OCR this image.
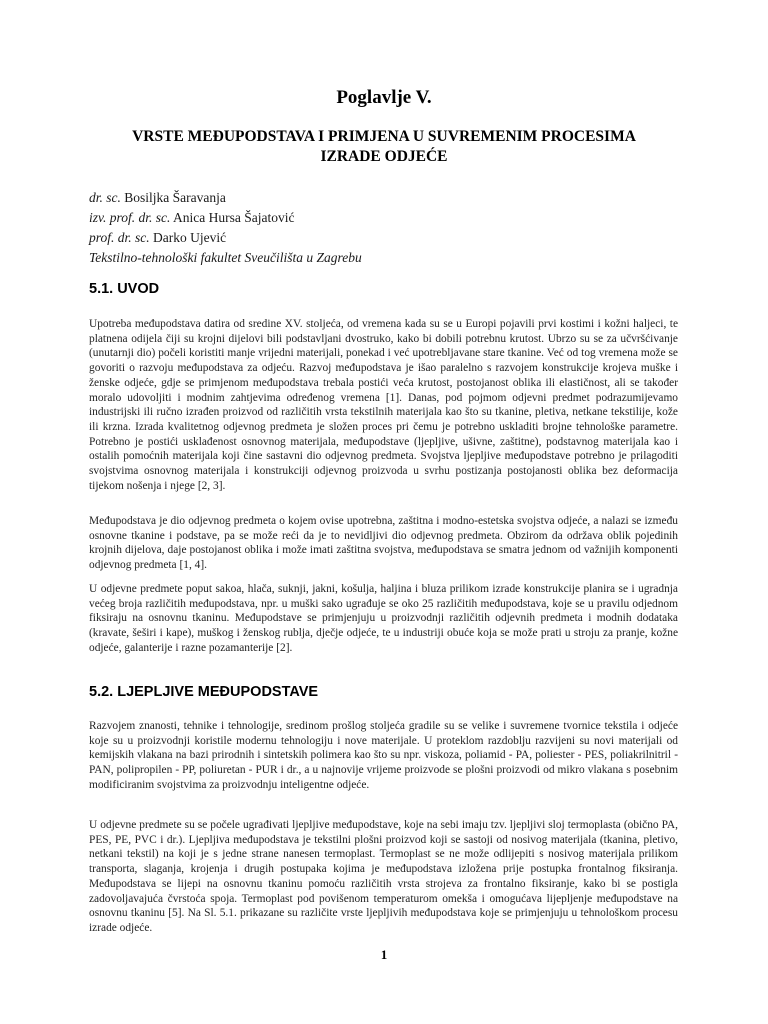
Poglavlje V.
VRSTE MEĐUPODSTAVA I PRIMJENA U SUVREMENIM PROCESIMA IZRADE ODJEĆE
dr. sc. Bosiljka Šaravanja
izv. prof. dr. sc. Anica Hursa Šajatović
prof. dr. sc. Darko Ujević
Tekstilno-tehnološki fakultet Sveučilišta u Zagrebu
5.1. UVOD
Upotreba međupodstava datira od sredine XV. stoljeća, od vremena kada su se u Europi pojavili prvi kostimi i kožni haljeci, te platnena odijela čiji su krojni dijelovi bili podstavljani dvostruko, kako bi dobili potrebnu krutost. Ubrzo su se za učvršćivanje (unutarnji dio) počeli koristiti manje vrijedni materijali, ponekad i već upotrebljavane stare tkanine. Već od tog vremena može se govoriti o razvoju međupodstava za odjeću. Razvoj međupodstava je išao paralelno s razvojem konstrukcije krojeva muške i ženske odjeće, gdje se primjenom međupodstava trebala postići veća krutost, postojanost oblika ili elastičnost, ali se također moralo udovoljiti i modnim zahtjevima određenog vremena [1]. Danas, pod pojmom odjevni predmet podrazumijevamo industrijski ili ručno izrađen proizvod od različitih vrsta tekstilnih materijala kao što su tkanine, pletiva, netkane tekstilije, kože ili krzna. Izrada kvalitetnog odjevnog predmeta je složen proces pri čemu je potrebno uskladiti brojne tehnološke parametre. Potrebno je postići usklađenost osnovnog materijala, međupodstave (ljepljive, ušivne, zaštitne), podstavnog materijala kao i ostalih pomoćnih materijala koji čine sastavni dio odjevnog predmeta. Svojstva ljepljive međupodstave potrebno je prilagoditi svojstvima osnovnog materijala i konstrukciji odjevnog proizvoda u svrhu postizanja postojanosti oblika bez deformacija tijekom nošenja i njege [2, 3].
Međupodstava je dio odjevnog predmeta o kojem ovise upotrebna, zaštitna i modno-estetska svojstva odjeće, a nalazi se između osnovne tkanine i podstave, pa se može reći da je to nevidljivi dio odjevnog predmeta. Obzirom da održava oblik pojedinih krojnih dijelova, daje postojanost oblika i može imati zaštitna svojstva, međupodstava se smatra jednom od važnijih komponenti odjevnog predmeta [1, 4].
U odjevne predmete poput sakoa, hlača, suknji, jakni, košulja, haljina i bluza prilikom izrade konstrukcije planira se i ugradnja većeg broja različitih međupodstava, npr. u muški sako ugrađuje se oko 25 različitih međupodstava, koje se u pravilu odjednom fiksiraju na osnovnu tkaninu. Međupodstave se primjenjuju u proizvodnji različitih odjevnih predmeta i modnih dodataka (kravate, šeširi i kape), muškog i ženskog rublja, dječje odjeće, te u industriji obuće koja se može prati u stroju za pranje, kožne odjeće, galanterije i razne pozamanterije [2].
5.2. LJEPLJIVE MEĐUPODSTAVE
Razvojem znanosti, tehnike i tehnologije, sredinom prošlog stoljeća gradile su se velike i suvremene tvornice tekstila i odjeće koje su u proizvodnji koristile modernu tehnologiju i nove materijale. U proteklom razdoblju razvijeni su novi materijali od kemijskih vlakana na bazi prirodnih i sintetskih polimera kao što su npr. viskoza, poliamid - PA, poliester - PES, poliakrilnitril - PAN, polipropilen - PP, poliuretan - PUR i dr., a u najnovije vrijeme proizvode se plošni proizvodi od mikro vlakana s posebnim modificiranim svojstvima za proizvodnju inteligentne odjeće.
U odjevne predmete su se počele ugrađivati ljepljive međupodstave, koje na sebi imaju tzv. ljepljivi sloj termoplasta (obično PA, PES, PE, PVC i dr.). Ljepljiva međupodstava je tekstilni plošni proizvod koji se sastoji od nosivog materijala (tkanina, pletivo, netkani tekstil) na koji je s jedne strane nanesen termoplast. Termoplast se ne može odlijepiti s nosivog materijala prilikom transporta, slaganja, krojenja i drugih postupaka kojima je međupodstava izložena prije postupka frontalnog fiksiranja. Međupodstava se lijepi na osnovnu tkaninu pomoću različitih vrsta strojeva za frontalno fiksiranje, kako bi se postigla zadovoljavajuća čvrstoća spoja. Termoplast pod povišenom temperaturom omekša i omogućava lijepljenje međupodstave na osnovnu tkaninu [5]. Na Sl. 5.1. prikazane su različite vrste ljepljivih međupodstava koje se primjenjuju u tehnološkom procesu izrade odjeće.
1
